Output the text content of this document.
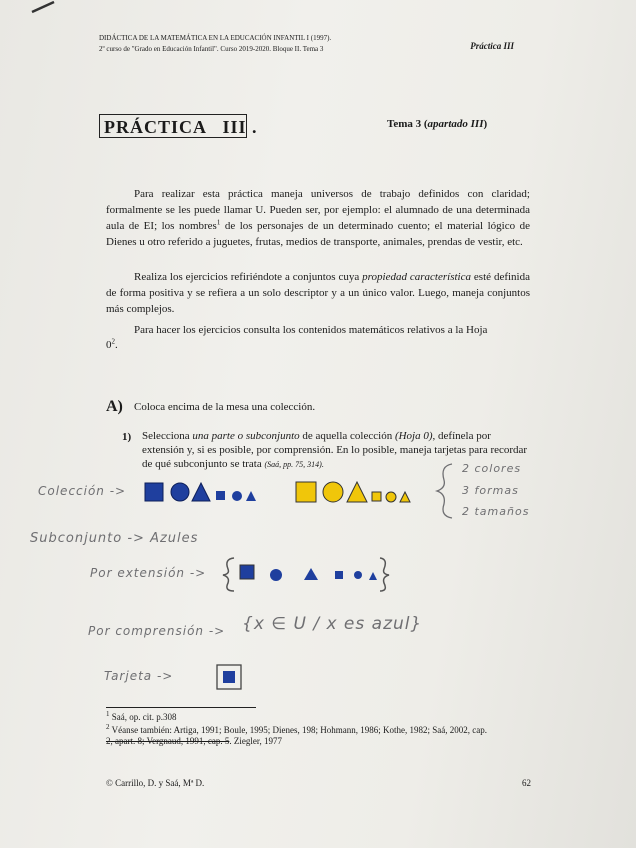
DIDÁCTICA DE LA MATEMÁTICA EN LA EDUCACIÓN INFANTIL I (1997).
2º curso de "Grado en Educación Infantil". Curso 2019-2020. Bloque II. Tema 3	Práctica III
PRÁCTICA   III .	Tema 3 (apartado III)

Para realizar esta práctica maneja universos de trabajo definidos con claridad; formalmente se les puede llamar U. Pueden ser, por ejemplo: el alumnado de una determinada aula de EI; los nombres$^1$ de los personajes de un determinado cuento; el material lógico de Dienes u otro referido a juguetes, frutas, medios de transporte, animales, prendas de vestir, etc.

Realiza los ejercicios refiriéndote a conjuntos cuya propiedad característica esté definida de forma positiva y se refiera a un solo descriptor y a un único valor. Luego, maneja conjuntos más complejos.

Para hacer los ejercicios consulta los contenidos matemáticos relativos a la Hoja

$0^2$.
A) Coloca encima de la mesa una colección.
1) Selecciona una parte o subconjunto de aquella colección (Hoja 0), defínela por extensión y, si es posible, por comprensión. En lo posible, maneja tarjetas para recordar de qué subconjunto se trata (Saá, pp. 75, 314).

Colección ->
2 colores
3 formas
2 tamaños
Subconjunto -> Azules
Por extensión ->
Por comprensión -> {x ∈ U / x es azul}
Tarjeta ->
$^1$ Saá, op. cit. p.308
$^2$ Véanse también: Artiga, 1991; Boule, 1995; Dienes, 198; Hohmann, 1986; Kothe, 1982; Saá, 2002, cap.
2, apart. 8; Vergnaud, 1991, cap. 5. Ziegler, 1977
© Carrillo, D. y Saá, Mª D.	62
